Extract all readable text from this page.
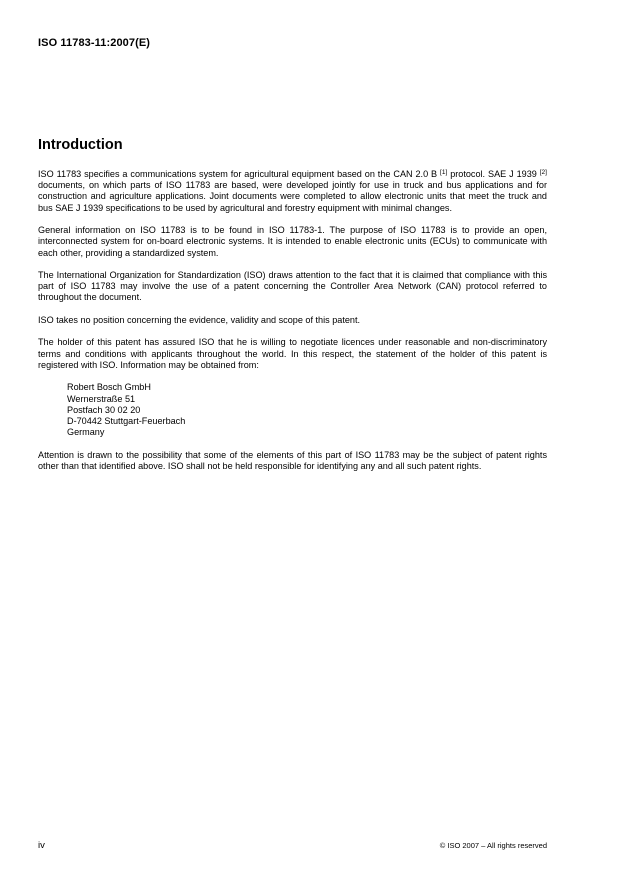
ISO 11783-11:2007(E)
Introduction

ISO 11783 specifies a communications system for agricultural equipment based on the CAN 2.0 B [1] protocol. SAE J 1939 [2] documents, on which parts of ISO 11783 are based, were developed jointly for use in truck and bus applications and for construction and agriculture applications. Joint documents were completed to allow electronic units that meet the truck and bus SAE J 1939 specifications to be used by agricultural and forestry equipment with minimal changes.

General information on ISO 11783 is to be found in ISO 11783-1. The purpose of ISO 11783 is to provide an open, interconnected system for on-board electronic systems. It is intended to enable electronic units (ECUs) to communicate with each other, providing a standardized system.

The International Organization for Standardization (ISO) draws attention to the fact that it is claimed that compliance with this part of ISO 11783 may involve the use of a patent concerning the Controller Area Network (CAN) protocol referred to throughout the document.

ISO takes no position concerning the evidence, validity and scope of this patent.

The holder of this patent has assured ISO that he is willing to negotiate licences under reasonable and non-discriminatory terms and conditions with applicants throughout the world. In this respect, the statement of the holder of this patent is registered with ISO. Information may be obtained from:

Robert Bosch GmbH
Wernerstraße 51
Postfach 30 02 20
D-70442 Stuttgart-Feuerbach
Germany

Attention is drawn to the possibility that some of the elements of this part of ISO 11783 may be the subject of patent rights other than that identified above. ISO shall not be held responsible for identifying any and all such patent rights.

iv	© ISO 2007 – All rights reserved
